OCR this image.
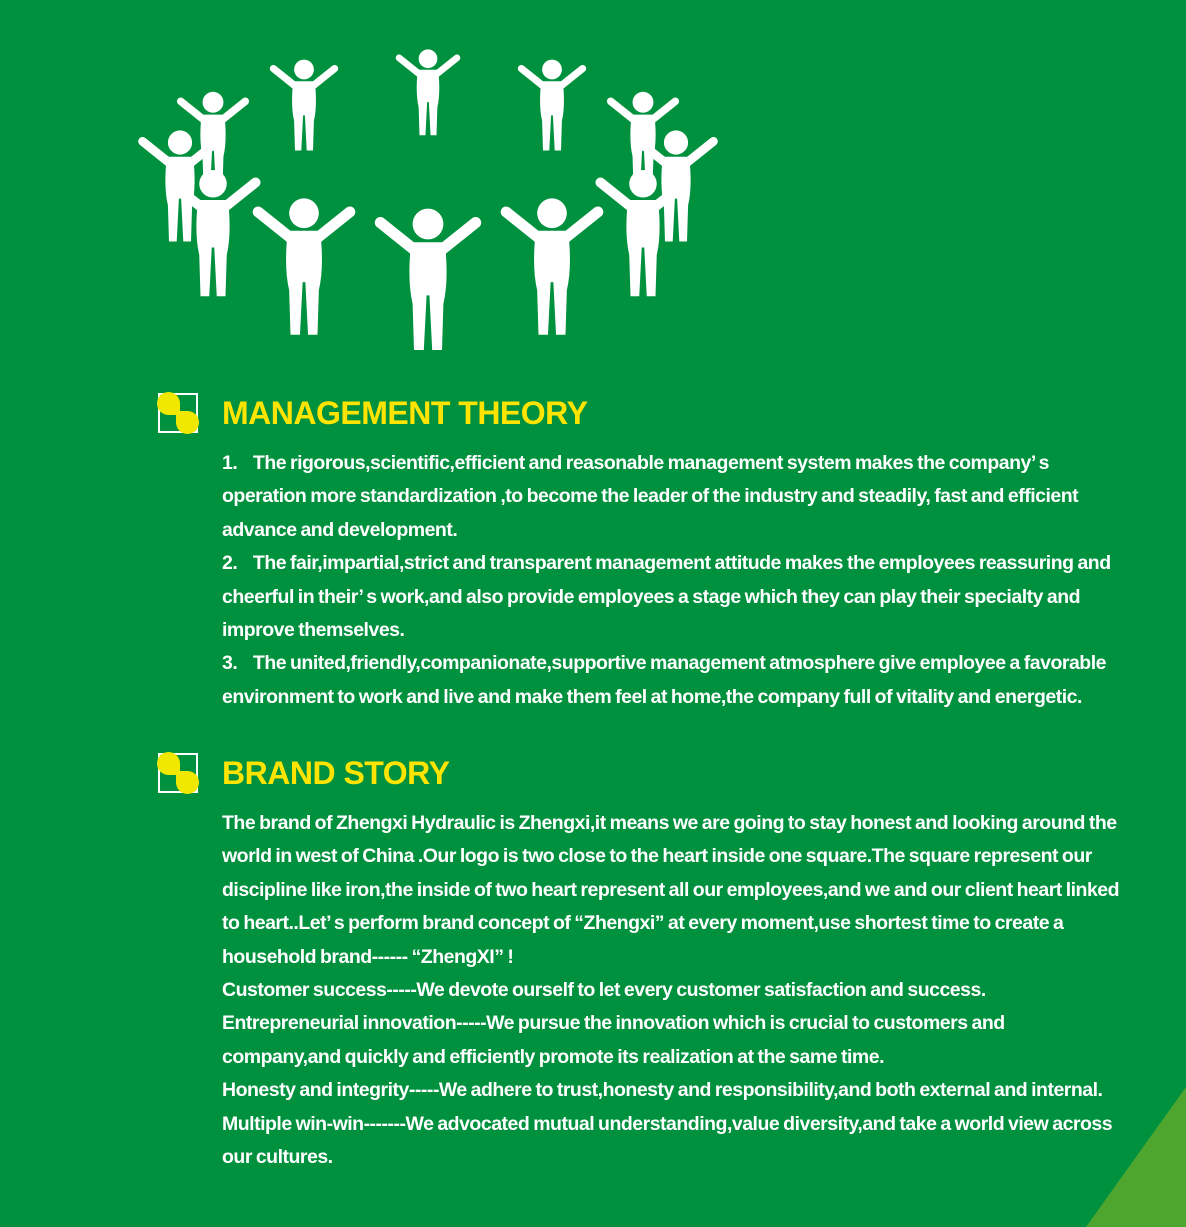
MANAGEMENT THEORY

1.    The rigorous,scientific,efficient and reasonable management system makes the company’ s operation more standardization ,to become the leader of the industry and steadily, fast and efficient advance and development.

2.    The fair,impartial,strict and transparent management attitude makes the employees reassuring and cheerful in their’ s work,and also provide employees a stage which they can play their specialty and improve themselves.

3.    The united,friendly,companionate,supportive management atmosphere give employee a favorable environment to work and live and make them feel at home,the company full of vitality and energetic.

BRAND STORY

The brand of Zhengxi Hydraulic is Zhengxi,it means we are going to stay honest and looking around the world in west of China .Our logo is two close to the heart inside one square.The square represent our discipline like iron,the inside of two heart represent all our employees,and we and our client heart linked to heart..Let’ s perform brand concept of “Zhengxi” at every moment,use shortest time to create a household brand------ “ZhengXI” !

Customer success-----We devote ourself to let every customer satisfaction and success.

Entrepreneurial innovation-----We pursue the innovation which is crucial to customers and company,and quickly and efficiently promote its realization at the same time.

Honesty and integrity-----We adhere to trust,honesty and responsibility,and both external and internal.

Multiple win-win-------We advocated mutual understanding,value diversity,and take a world view across our cultures.
